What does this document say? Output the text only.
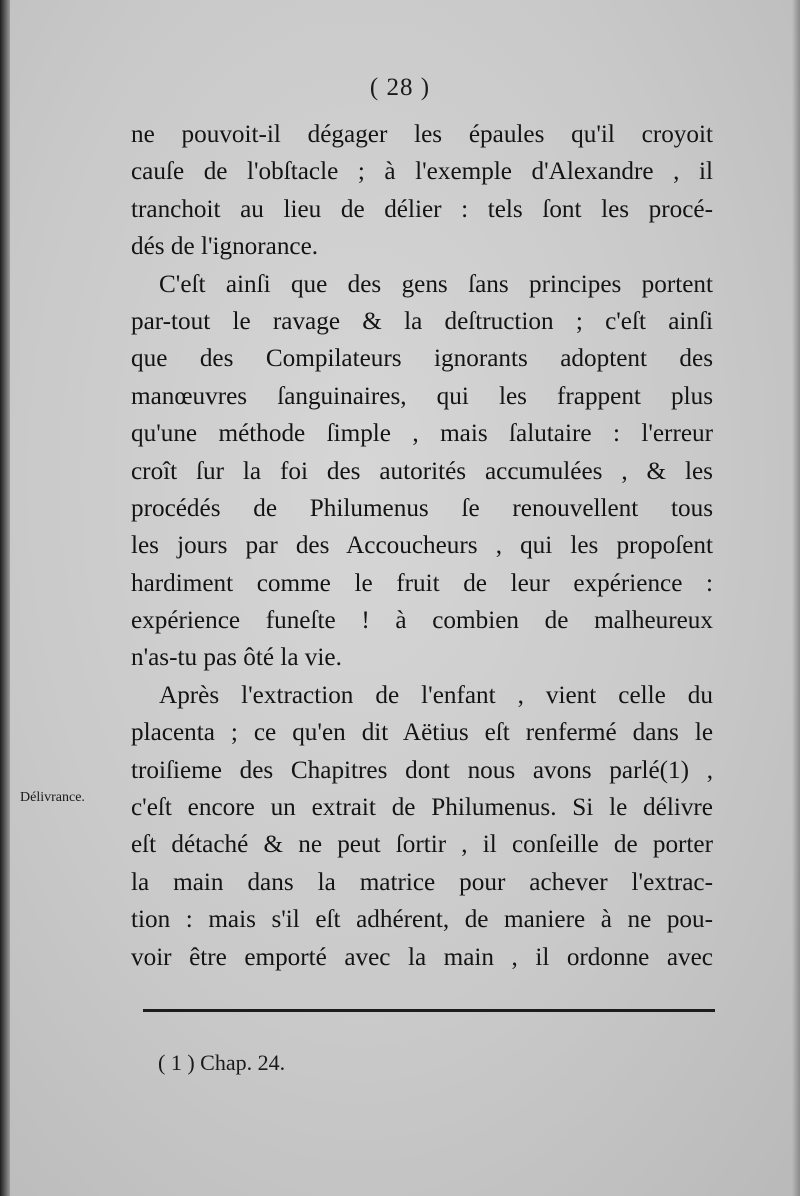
( 28 )
ne pouvoit-il dégager les épaules qu'il croyoit
cauſe de l'obſtacle ; à l'exemple d'Alexandre , il
tranchoit au lieu de délier : tels ſont les procé-
dés de l'ignorance.
C'eſt ainſi que des gens ſans principes portent
par-tout le ravage & la deſtruction ; c'eſt ainſi
que des Compilateurs ignorants adoptent des
manœuvres ſanguinaires, qui les frappent plus
qu'une méthode ſimple , mais ſalutaire : l'erreur
croît ſur la foi des autorités accumulées , & les
procédés de Philumenus ſe renouvellent tous
les jours par des Accoucheurs , qui les propoſent
hardiment comme le fruit de leur expérience :
expérience funeſte ! à combien de malheureux
n'as-tu pas ôté la vie.
Après l'extraction de l'enfant , vient celle du
placenta ; ce qu'en dit Aëtius eſt renfermé dans le
troiſieme des Chapitres dont nous avons parlé(1) ,
c'eſt encore un extrait de Philumenus. Si le délivre
eſt détaché & ne peut ſortir , il conſeille de porter
la main dans la matrice pour achever l'extrac-
tion : mais s'il eſt adhérent, de maniere à ne pou-
voir être emporté avec la main , il ordonne avec
Délivrance.
( 1 ) Chap. 24.
